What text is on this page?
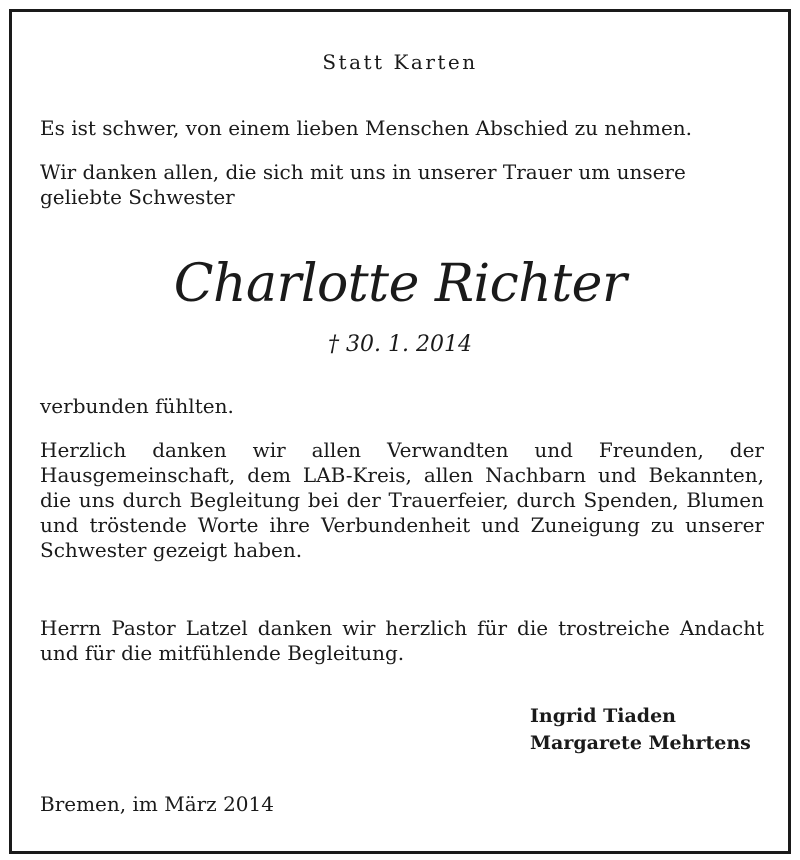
Statt Karten
Es ist schwer, von einem lieben Menschen Abschied zu nehmen.
Wir danken allen, die sich mit uns in unserer Trauer um unsere
geliebte Schwester
Charlotte Richter
† 30. 1. 2014
verbunden fühlten.
Herzlich danken wir allen Verwandten und Freunden, der Hausgemeinschaft, dem LAB-Kreis, allen Nachbarn und Bekannten, die uns durch Begleitung bei der Trauerfeier, durch Spenden, Blumen und tröstende Worte ihre Verbundenheit und Zuneigung zu unserer Schwester gezeigt haben.
Herrn Pastor Latzel danken wir herzlich für die trostreiche Andacht und für die mitfühlende Begleitung.
Ingrid Tiaden
Margarete Mehrtens
Bremen, im März 2014
